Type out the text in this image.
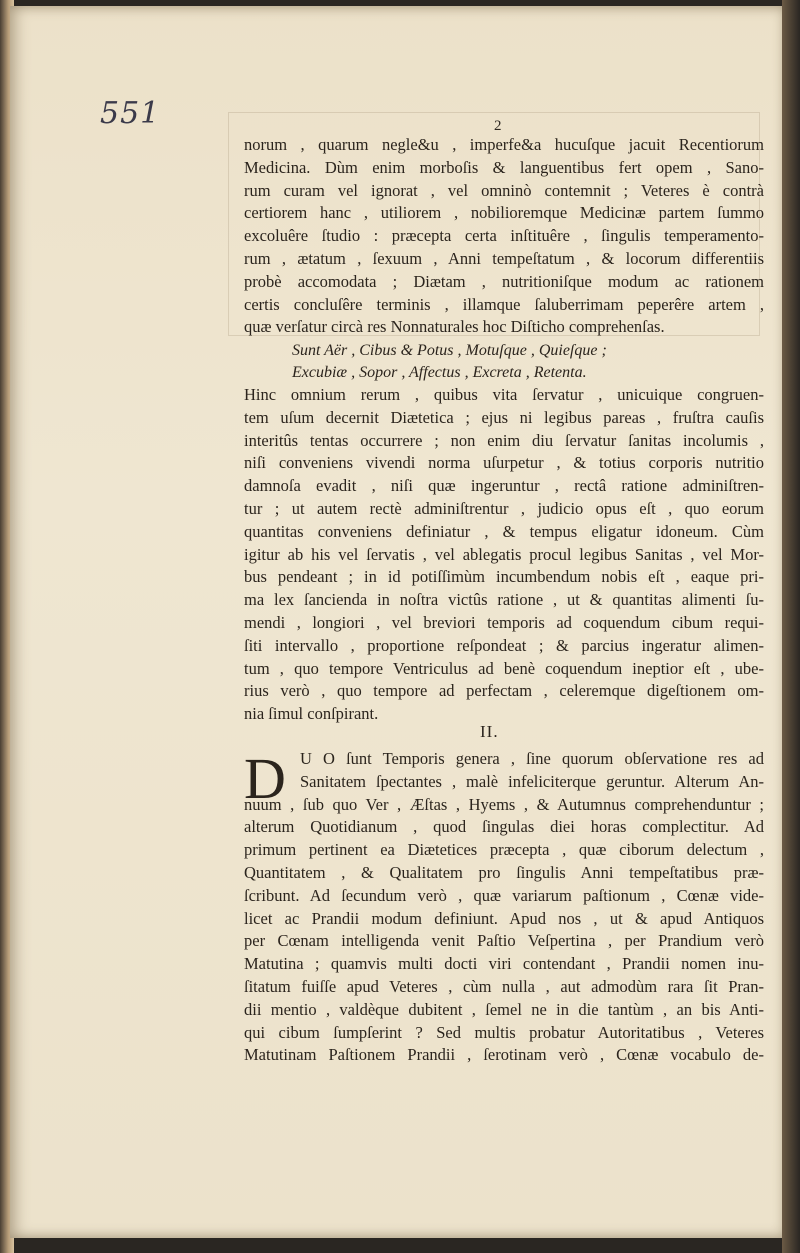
551	2
norum , quarum negle&u , imperfe&a hucuſque jacuit Recentiorum
Medicina. Dùm enim morboſis & languentibus fert opem , Sano-
rum curam vel ignorat , vel omninò contemnit ; Veteres è contrà
certiorem hanc , utiliorem , nobilioremque Medicinæ partem ſummo
excoluêre ſtudio : præcepta certa inſtituêre , ſingulis temperamento-
rum , ætatum , ſexuum , Anni tempeſtatum , & locorum differentiis
probè accomodata ; Diætam , nutritioniſque modum ac rationem
certis concluſêre terminis , illamque ſaluberrimam peperêre artem ,
quæ verſatur circà res Nonnaturales hoc Diſticho comprehenſas.
Sunt Aër , Cibus & Potus , Motuſque , Quieſque ;
Excubiæ , Sopor , Affectus , Excreta , Retenta.
Hinc omnium rerum , quibus vita ſervatur , unicuique congruen-
tem uſum decernit Diætetica ; ejus ni legibus pareas , fruſtra cauſis
interitûs tentas occurrere ; non enim diu ſervatur ſanitas incolumis ,
niſi conveniens vivendi norma uſurpetur , & totius corporis nutritio
damnoſa evadit , niſi quæ ingeruntur , rectâ ratione adminiſtren-
tur ; ut autem rectè adminiſtrentur , judicio opus eſt , quo eorum
quantitas conveniens definiatur , & tempus eligatur idoneum. Cùm
igitur ab his vel ſervatis , vel ablegatis procul legibus Sanitas , vel Mor-
bus pendeant ; in id potiſſimùm incumbendum nobis eſt , eaque pri-
ma lex ſancienda in noſtra victûs ratione , ut & quantitas alimenti ſu-
mendi , longiori , vel breviori temporis ad coquendum cibum requi-
ſiti intervallo , proportione reſpondeat ; & parcius ingeratur alimen-
tum , quo tempore Ventriculus ad benè coquendum ineptior eſt , ube-
rius verò , quo tempore ad perfectam , celeremque digeſtionem om-
nia ſimul conſpirant.
II.
D U O ſunt Temporis genera , ſine quorum obſervatione res ad
Sanitatem ſpectantes , malè infeliciterque geruntur. Alterum An-
nuum , ſub quo Ver , Æſtas , Hyems , & Autumnus comprehenduntur ;
alterum Quotidianum , quod ſingulas diei horas complectitur. Ad
primum pertinent ea Diætetices præcepta , quæ ciborum delectum ,
Quantitatem , & Qualitatem pro ſingulis Anni tempeſtatibus præ-
ſcribunt. Ad ſecundum verò , quæ variarum paſtionum , Cœnæ vide-
licet ac Prandii modum definiunt. Apud nos , ut & apud Antiquos
per Cœnam intelligenda venit Paſtio Veſpertina , per Prandium verò
Matutina ; quamvis multi docti viri contendant , Prandii nomen inu-
ſitatum fuiſſe apud Veteres , cùm nulla , aut admodùm rara ſit Pran-
dii mentio , valdèque dubitent , ſemel ne in die tantùm , an bis Anti-
qui cibum ſumpſerint ? Sed multis probatur Autoritatibus , Veteres
Matutinam Paſtionem Prandii , ſerotinam verò , Cœnæ vocabulo de-
